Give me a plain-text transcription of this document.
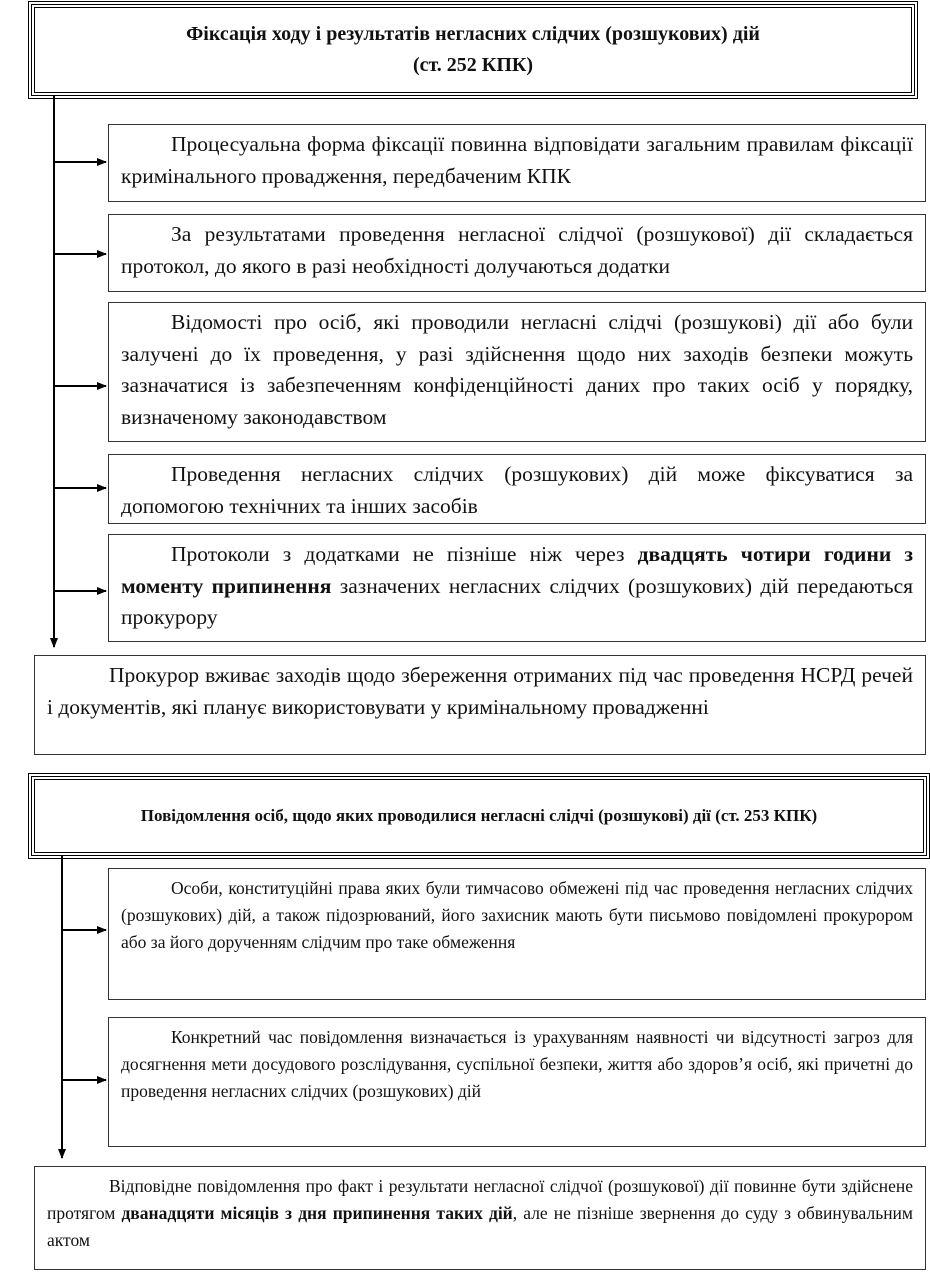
Фіксація ходу і результатів негласних слідчих (розшукових) дій
(ст. 252 КПК)
Процесуальна форма фіксації повинна відповідати загальним правилам фіксації кримінального провадження, передбаченим КПК
За результатами проведення негласної слідчої (розшукової) дії складається протокол, до якого в разі необхідності долучаються додатки
Відомості про осіб, які проводили негласні слідчі (розшукові) дії або були залучені до їх проведення, у разі здійснення щодо них заходів безпеки можуть зазначатися із забезпеченням конфіденційності даних про таких осіб у порядку, визначеному законодавством
Проведення негласних слідчих (розшукових) дій може фіксуватися за допомогою технічних та інших засобів
Протоколи з додатками не пізніше ніж через двадцять чотири години з моменту припинення зазначених негласних слідчих (розшукових) дій передаються прокурору
Прокурор вживає заходів щодо збереження отриманих під час проведення НСРД речей і документів, які планує використовувати у кримінальному провадженні
Повідомлення осіб, щодо яких проводилися негласні слідчі (розшукові) дії (ст. 253 КПК)
Особи, конституційні права яких були тимчасово обмежені під час проведення негласних слідчих (розшукових) дій, а також підозрюваний, його захисник мають бути письмово повідомлені прокурором або за його дорученням слідчим про таке обмеження
Конкретний час повідомлення визначається із урахуванням наявності чи відсутності загроз для досягнення мети досудового розслідування, суспільної безпеки, життя або здоров’я осіб, які причетні до проведення негласних слідчих (розшукових) дій
Відповідне повідомлення про факт і результати негласної слідчої (розшукової) дії повинне бути здійснене протягом дванадцяти місяців з дня припинення таких дій, але не пізніше звернення до суду з обвинувальним актом
